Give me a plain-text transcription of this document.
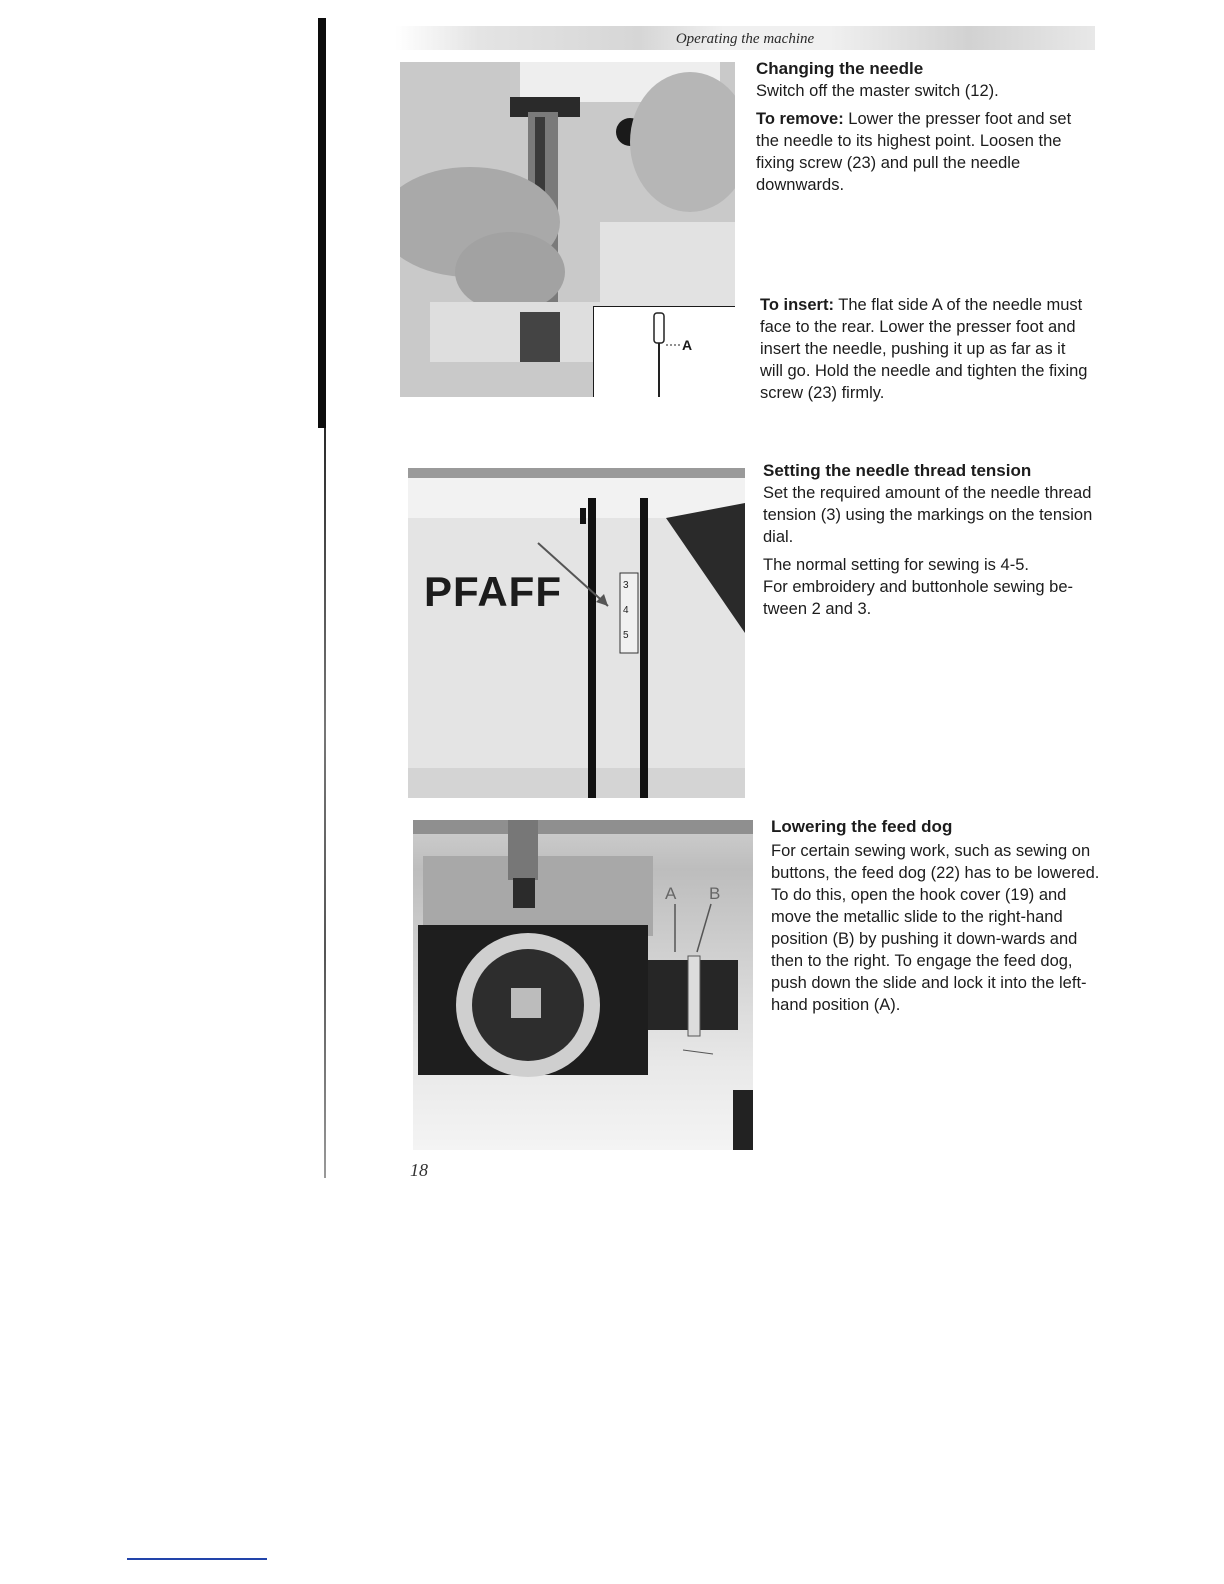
Operating the machine
A
3
4
5
PFAFF
A B
Changing the needle

Switch off the master switch (12).

To remove: Lower the presser foot and set the needle to its highest point. Loosen the fixing screw (23) and pull the needle downwards.

To insert: The flat side A of the needle must face to the rear. Lower the presser foot and insert the needle, pushing it up as far as it will go. Hold the needle and tighten the fixing screw (23) firmly.

Setting the needle thread tension

Set the required amount of the needle thread tension (3) using the markings on the tension dial.

The normal setting for sewing is 4-5.

For embroidery and buttonhole sewing be-tween 2 and 3.

Lowering the feed dog

For certain sewing work, such as sewing on buttons, the feed dog (22) has to be lowered. To do this, open the hook cover (19) and move the metallic slide to the right-hand position (B) by pushing it down-wards and then to the right. To engage the feed dog, push down the slide and lock it into the left-hand position (A).

18
